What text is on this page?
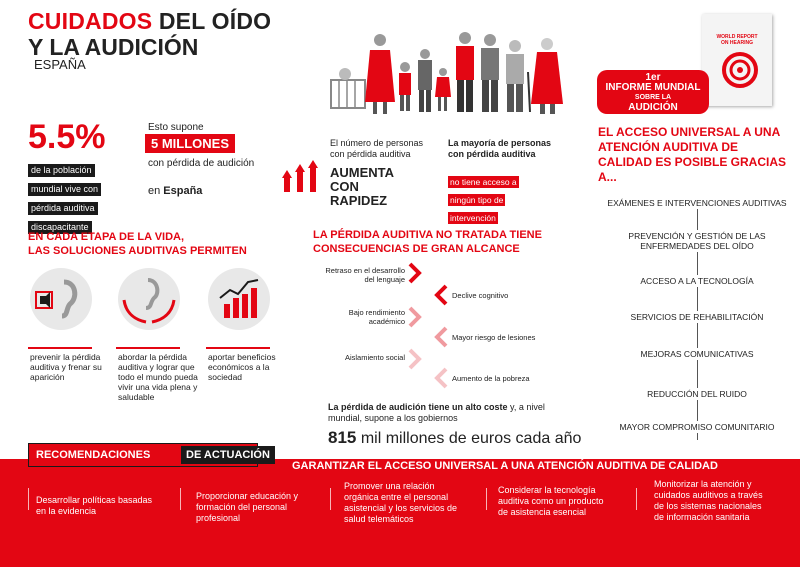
CUIDADOS DEL OÍDO
Y LA AUDICIÓN
ESPAÑA
5.5%
de la población mundial vive con pérdida auditiva discapacitante
Esto supone
5 MILLONES
con pérdida de audición
en España
El número de personas con pérdida auditiva
AUMENTA
CON
RAPIDEZ
La mayoría de personas con pérdida auditiva
no tiene acceso a
ningún tipo de
intervención
WORLD REPORT
ON HEARING
1er
INFORME MUNDIAL
SOBRE LA
AUDICIÓN
EL ACCESO UNIVERSAL A UNA ATENCIÓN AUDITIVA DE CALIDAD ES POSIBLE GRACIAS A...
EXÁMENES E INTERVENCIONES AUDITIVAS
PREVENCIÓN Y GESTIÓN DE LAS ENFERMEDADES DEL OÍDO
ACCESO A LA TECNOLOGÍA
SERVICIOS DE REHABILITACIÓN
MEJORAS COMUNICATIVAS
REDUCCIÓN DEL RUIDO
MAYOR COMPROMISO COMUNITARIO
EN CADA ETAPA DE LA VIDA,
LAS SOLUCIONES AUDITIVAS PERMITEN
prevenir la pérdida auditiva y frenar su aparición
abordar la pérdida auditiva y lograr que todo el mundo pueda vivir una vida plena y saludable
aportar beneficios económicos a la sociedad
LA PÉRDIDA AUDITIVA NO TRATADA TIENE CONSECUENCIAS DE GRAN ALCANCE
Retraso en el desarrollo del lenguaje
Bajo rendimiento académico
Aislamiento social
Declive cognitivo
Mayor riesgo de lesiones
Aumento de la pobreza
La pérdida de audición tiene un alto coste y, a nivel mundial, supone a los gobiernos
815 mil millones de euros cada año
RECOMENDACIONES	DE ACTUACIÓN
GARANTIZAR EL ACCESO UNIVERSAL A UNA ATENCIÓN AUDITIVA DE CALIDAD
Desarrollar políticas basadas en la evidencia
Proporcionar educación y formación del personal profesional
Promover una relación orgánica entre el personal asistencial y los servicios de salud telemáticos
Considerar la tecnología auditiva como un producto de asistencia esencial
Monitorizar la atención y cuidados auditivos a través de los sistemas nacionales de información sanitaria
